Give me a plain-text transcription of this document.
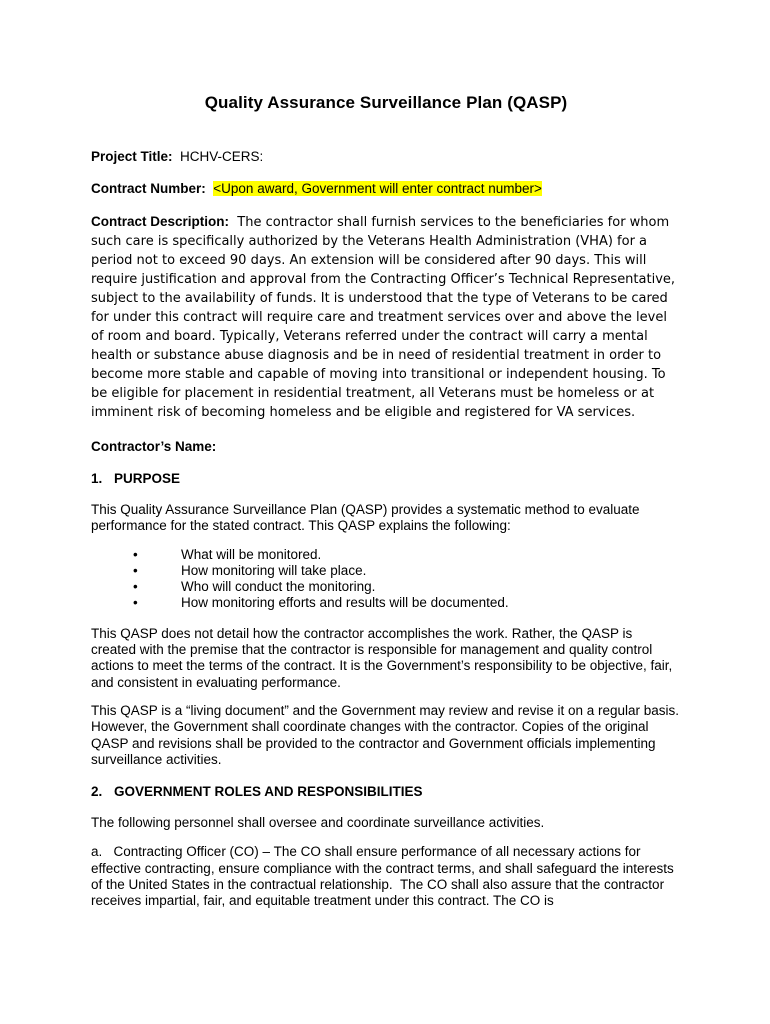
Quality Assurance Surveillance Plan (QASP)
Project Title: HCHV-CERS:
Contract Number: <Upon award, Government will enter contract number>
Contract Description: The contractor shall furnish services to the beneficiaries for whom such care is specifically authorized by the Veterans Health Administration (VHA) for a period not to exceed 90 days. An extension will be considered after 90 days. This will require justification and approval from the Contracting Officer’s Technical Representative, subject to the availability of funds. It is understood that the type of Veterans to be cared for under this contract will require care and treatment services over and above the level of room and board. Typically, Veterans referred under the contract will carry a mental health or substance abuse diagnosis and be in need of residential treatment in order to become more stable and capable of moving into transitional or independent housing. To be eligible for placement in residential treatment, all Veterans must be homeless or at imminent risk of becoming homeless and be eligible and registered for VA services.
Contractor’s Name:
1. PURPOSE

This Quality Assurance Surveillance Plan (QASP) provides a systematic method to evaluate performance for the stated contract. This QASP explains the following:

•	What will be monitored.
•	How monitoring will take place.
•	Who will conduct the monitoring.
•	How monitoring efforts and results will be documented.

This QASP does not detail how the contractor accomplishes the work. Rather, the QASP is created with the premise that the contractor is responsible for management and quality control actions to meet the terms of the contract. It is the Government’s responsibility to be objective, fair, and consistent in evaluating performance.

This QASP is a “living document” and the Government may review and revise it on a regular basis. However, the Government shall coordinate changes with the contractor. Copies of the original QASP and revisions shall be provided to the contractor and Government officials implementing surveillance activities.

2. GOVERNMENT ROLES AND RESPONSIBILITIES

The following personnel shall oversee and coordinate surveillance activities.

a.   Contracting Officer (CO) – The CO shall ensure performance of all necessary actions for effective contracting, ensure compliance with the contract terms, and shall safeguard the interests of the United States in the contractual relationship.  The CO shall also assure that the contractor receives impartial, fair, and equitable treatment under this contract. The CO is
